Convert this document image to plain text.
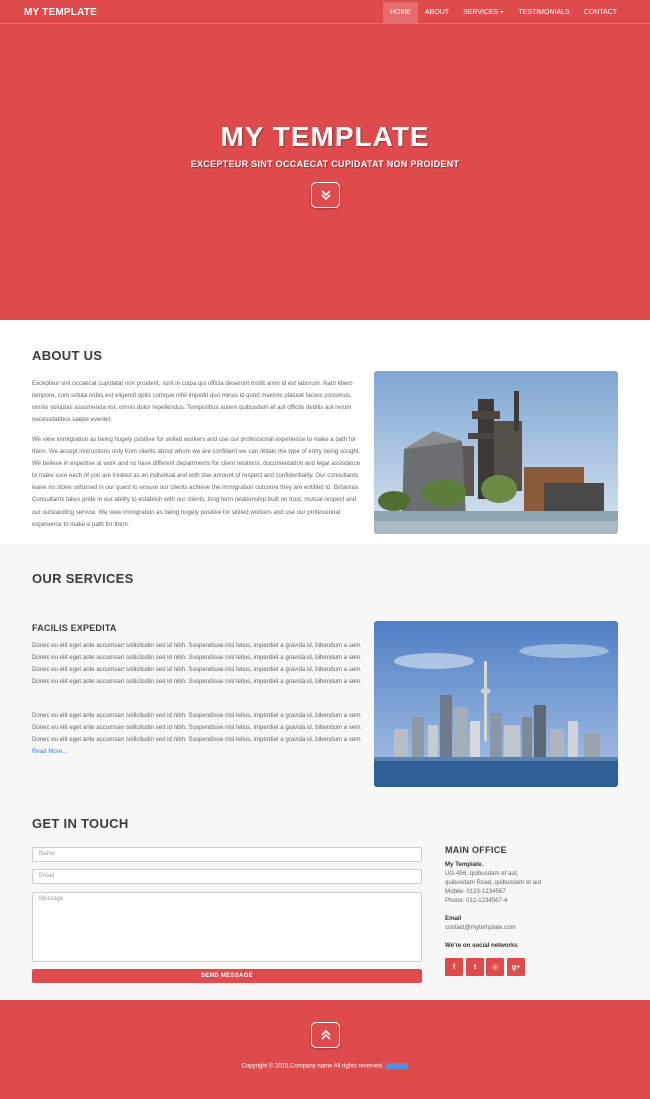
MY TEMPLATE	HOME	ABOUT	SERVICES	TESTIMONIALS	CONTACT
MY TEMPLATE
EXCEPTEUR SINT OCCAECAT CUPIDATAT NON PROIDENT
ABOUT US
Excepteur sint occaecat cupidatat non proident, sunt in culpa qui officia deserunt mollit anim id est laborum. Nam libero tempore, cum soluta nobis est eligendi optio cumque nihil impedit quo minus id quod maxime placeat facere possimus, omnis voluptas assumenda est, omnis dolor repellendus. Temporibus autem quibusdam et aut officiis debitis aut rerum necessitatibus saepe eveniet.
We view immigration as being hugely positive for skilled workers and use our professional experience to make a path for them. We accept instructions only from clients about whom we are confident we can obtain the type of entry being sought. We believe in expertise at work and so have different departments for client relations, documentation and legal assistance to make sure each of you are treated as an individual and with due amount of respect and confidentiality. Our consultants leave no stone unturned in our quest to ensure our clients achieve the immigration outcome they are entitled to. Britannia Consultants takes pride in our ability to establish with our clients, long term relationship built on trust, mutual respect and our outstanding service. We view immigration as being hugely positive for skilled workers and use our professional experience to make a path for them.
OUR SERVICES
FACILIS EXPEDITA
Donec eu elit eget ante accumsan sollicitudin sed id nibh. Suspendisse nisl tellus, imperdiet a gravida id, bibendum a sem. Donec eu elit eget ante accumsan sollicitudin sed id nibh. Suspendisse nisl tellus, imperdiet a gravida id, bibendum a sem. Donec eu elit eget ante accumsan sollicitudin sed id nibh. Suspendisse nisl tellus, imperdiet a gravida id, bibendum a sem. Donec eu elit eget ante accumsan sollicitudin sed id nibh. Suspendisse nisl tellus, imperdiet a gravida id, bibendum a sem.
Donec eu elit eget ante accumsan sollicitudin sed id nibh. Suspendisse nisl tellus, imperdiet a gravida id, bibendum a sem. Donec eu elit eget ante accumsan sollicitudin sed id nibh. Suspendisse nisl tellus, imperdiet a gravida id, bibendum a sem. Donec eu elit eget ante accumsan sollicitudin sed id nibh. Suspendisse nisl tellus, imperdiet a gravida id, bibendum a sem. Read More...
GET IN TOUCH
Name
Email
Message
SEND MESSAGE
MAIN OFFICE
My Template.
UG-456, quibusdam et aut,
quibusdam Road, quibusdam et aut
Mobile: 0123-1234567
Phone: 012-1234567-4
Email
contact@mytemplate.com
We're on social networks
f	t ◎ g+
Copyright © 2015,Company name All rights reserved.
